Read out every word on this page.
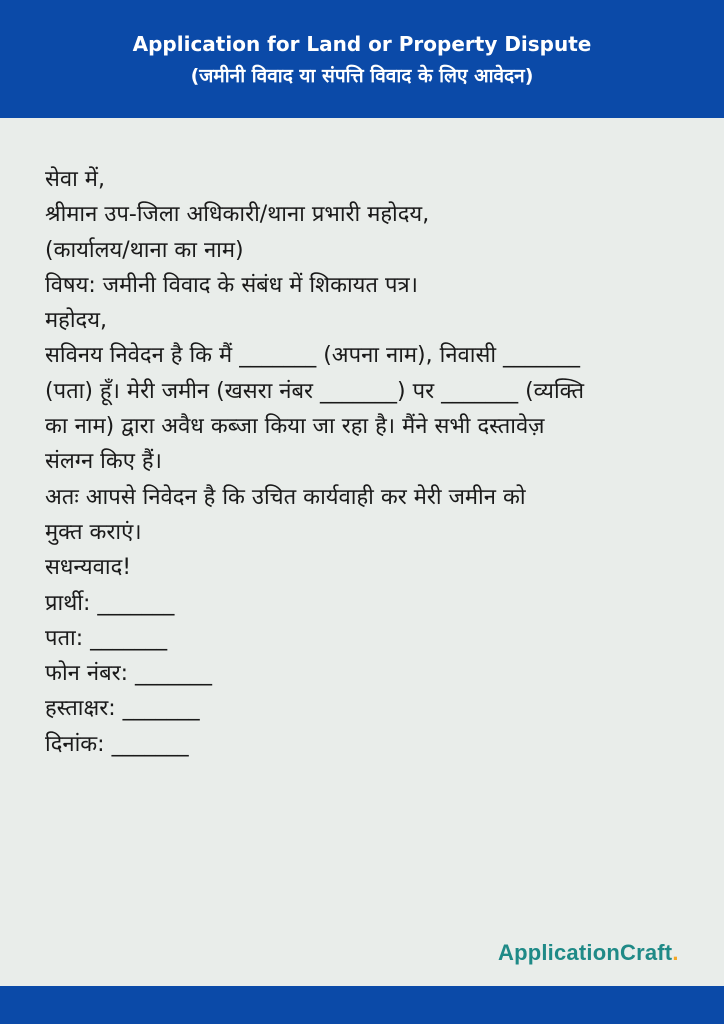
Application for Land or Property Dispute
(जमीनी विवाद या संपत्ति विवाद के लिए आवेदन)
सेवा में,
श्रीमान उप-जिला अधिकारी/थाना प्रभारी महोदय,
(कार्यालय/थाना का नाम)
विषय: जमीनी विवाद के संबंध में शिकायत पत्र।
महोदय,
सविनय निवेदन है कि मैं _______ (अपना नाम), निवासी _______
(पता) हूँ। मेरी जमीन (खसरा नंबर _______) पर _______ (व्यक्ति
का नाम) द्वारा अवैध कब्जा किया जा रहा है। मैंने सभी दस्तावेज़
संलग्न किए हैं।
अतः आपसे निवेदन है कि उचित कार्यवाही कर मेरी जमीन को
मुक्त कराएं।
सधन्यवाद!
प्रार्थी: _______
पता: _______
फोन नंबर: _______
हस्ताक्षर: _______
दिनांक: _______
ApplicationCraft.
